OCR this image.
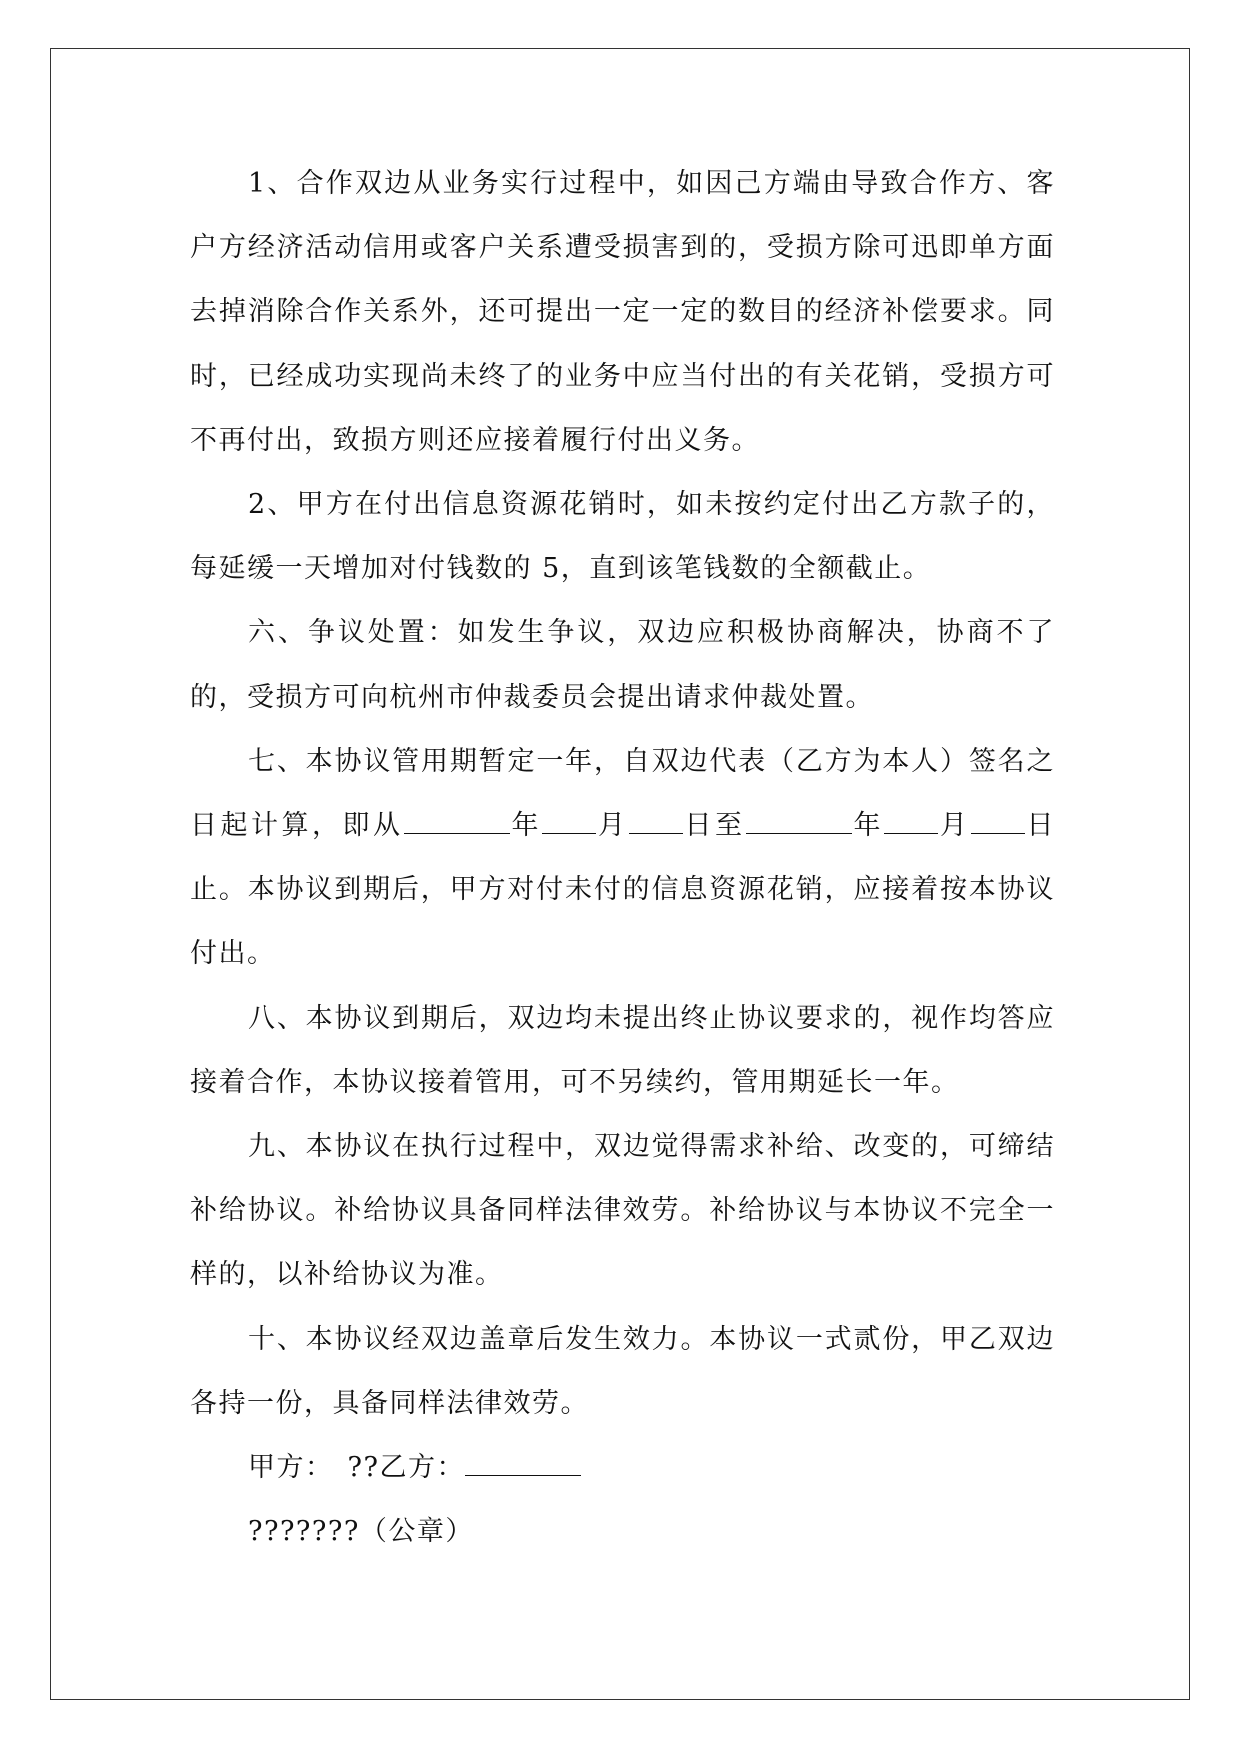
1、合作双边从业务实行过程中，如因己方端由导致合作方、客户方经济活动信用或客户关系遭受损害到的，受损方除可迅即单方面去掉消除合作关系外，还可提出一定一定的数目的经济补偿要求。同时，已经成功实现尚未终了的业务中应当付出的有关花销，受损方可不再付出，致损方则还应接着履行付出义务。

2、甲方在付出信息资源花销时，如未按约定付出乙方款子的，每延缓一天增加对付钱数的 5，直到该笔钱数的全额截止。

六、争议处置：如发生争议，双边应积极协商解决，协商不了的，受损方可向杭州市仲裁委员会提出请求仲裁处置。

七、本协议管用期暂定一年，自双边代表（乙方为本人）签名之日起计算，即从	年 月 日至	年 月 日止。本协议到期后，甲方对付未付的信息资源花销，应接着按本协议付出。

八、本协议到期后，双边均未提出终止协议要求的，视作均答应接着合作，本协议接着管用，可不另续约，管用期延长一年。

九、本协议在执行过程中，双边觉得需求补给、改变的，可缔结补给协议。补给协议具备同样法律效劳。补给协议与本协议不完全一样的，以补给协议为准。

十、本协议经双边盖章后发生效力。本协议一式贰份，甲乙双边各持一份，具备同样法律效劳。

甲方： ??乙方：

???????（公章）
